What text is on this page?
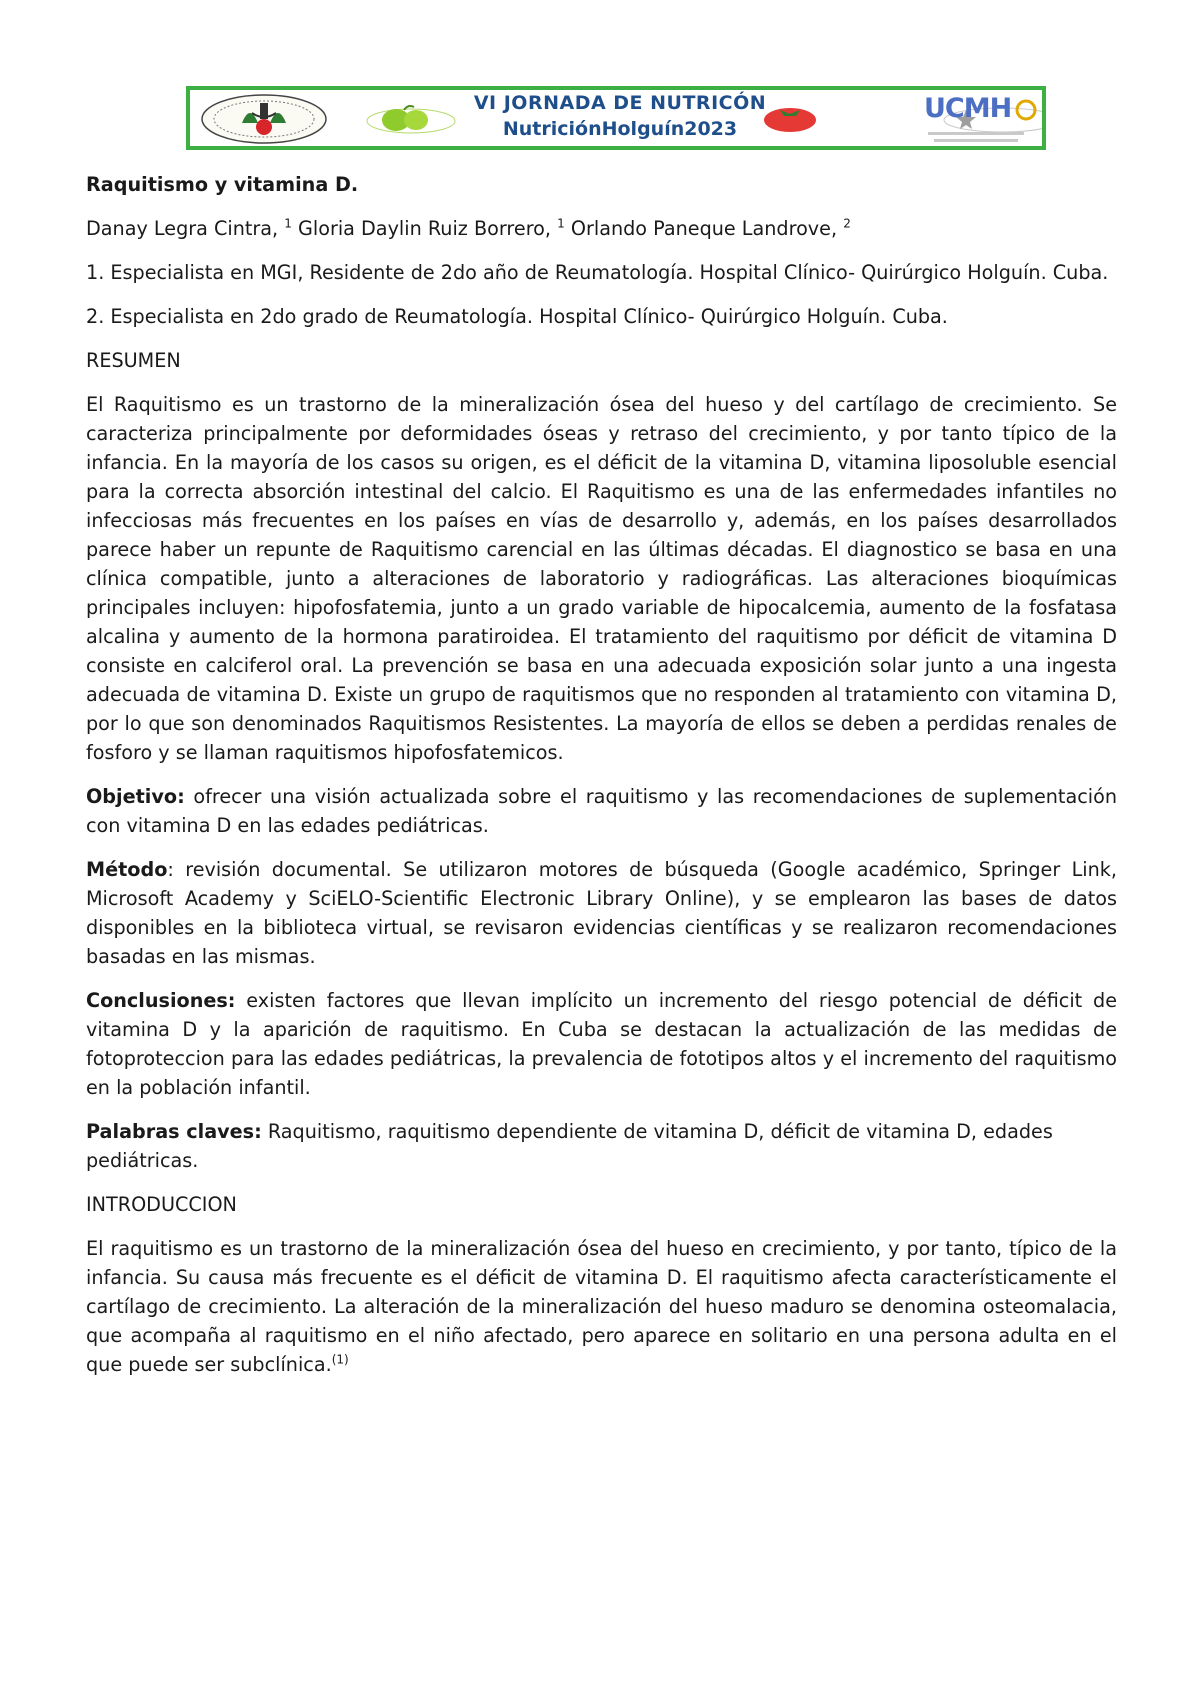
VI JORNADA DE NUTRICÓN
NutriciónHolguín2023
UCMH

Raquitismo y vitamina D.

Danay Legra Cintra, $^1$ Gloria Daylin Ruiz Borrero, $^1$ Orlando Paneque Landrove, $^2$

1. Especialista en MGI, Residente de 2do año de Reumatología. Hospital Clínico- Quirúrgico Holguín. Cuba.

2. Especialista en 2do grado de Reumatología. Hospital Clínico- Quirúrgico Holguín. Cuba.

RESUMEN

El Raquitismo es un trastorno de la mineralización ósea del hueso y del cartílago de crecimiento. Se caracteriza principalmente por deformidades óseas y retraso del crecimiento, y por tanto típico de la infancia. En la mayoría de los casos su origen, es el déficit de la vitamina D, vitamina liposoluble esencial para la correcta absorción intestinal del calcio. El Raquitismo es una de las enfermedades infantiles no infecciosas más frecuentes en los países en vías de desarrollo y, además, en los países desarrollados parece haber un repunte de Raquitismo carencial en las últimas décadas. El diagnostico se basa en una clínica compatible, junto a alteraciones de laboratorio y radiográficas. Las alteraciones bioquímicas principales incluyen: hipofosfatemia, junto a un grado variable de hipocalcemia, aumento de la fosfatasa alcalina y aumento de la hormona paratiroidea. El tratamiento del raquitismo por déficit de vitamina D consiste en calciferol oral. La prevención se basa en una adecuada exposición solar junto a una ingesta adecuada de vitamina D. Existe un grupo de raquitismos que no responden al tratamiento con vitamina D, por lo que son denominados Raquitismos Resistentes. La mayoría de ellos se deben a perdidas renales de fosforo y se llaman raquitismos hipofosfatemicos.

Objetivo: ofrecer una visión actualizada sobre el raquitismo y las recomendaciones de suplementación con vitamina D en las edades pediátricas.

Método: revisión documental. Se utilizaron motores de búsqueda (Google académico, Springer Link, Microsoft Academy y SciELO-Scientific Electronic Library Online), y se emplearon las bases de datos disponibles en la biblioteca virtual, se revisaron evidencias científicas y se realizaron recomendaciones basadas en las mismas.

Conclusiones: existen factores que llevan implícito un incremento del riesgo potencial de déficit de vitamina D y la aparición de raquitismo. En Cuba se destacan la actualización de las medidas de fotoproteccion para las edades pediátricas, la prevalencia de fototipos altos y el incremento del raquitismo en la población infantil.

Palabras claves: Raquitismo, raquitismo dependiente de vitamina D, déficit de vitamina D, edades pediátricas.

INTRODUCCION

El raquitismo es un trastorno de la mineralización ósea del hueso en crecimiento, y por tanto, típico de la infancia. Su causa más frecuente es el déficit de vitamina D. El raquitismo afecta característicamente el cartílago de crecimiento. La alteración de la mineralización del hueso maduro se denomina osteomalacia, que acompaña al raquitismo en el niño afectado, pero aparece en solitario en una persona adulta en el que puede ser subclínica.$^{(1)}$
